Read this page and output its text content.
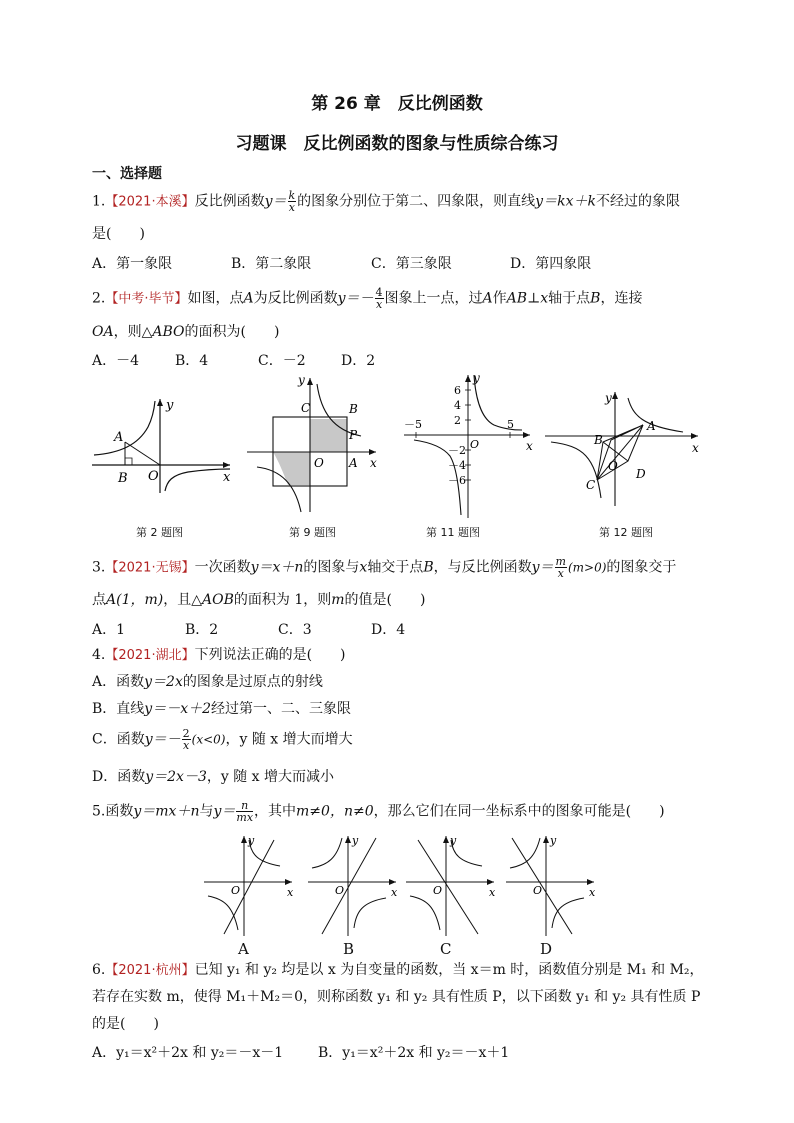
第 26 章　反比例函数
习题课　反比例函数的图象与性质综合练习
一、选择题
1.【2021·本溪】反比例函数$y= \frac{k}{x}$ 的图象分别位于第二、四象限，则直线y＝kx＋k不经过的象限
是(　　)
A．第一象限	B．第二象限	C．第三象限	D．第四象限
2.【中考·毕节】如图，点A为反比例函数$y=- \frac{4}{x}$ 图象上一点，过A作AB⊥x轴于点B，连接
OA，则△ABO的面积为(　　)
A．－4	B．4	C．－2	D．2
A
B O	x
y
第 2 题图
C	B
P
O A x
y
第 9 题图
6
4
2
－2
－4
－6
－5	5
O	x
y
第 11 题图
A
B
C
D
O
x
y
第 12 题图
3.【2021·无锡】一次函数y＝x＋n的图象与x轴交于点B，与反比例函数$y= \frac{m}{x} (m>0)$的图象交于
点A(1，m)，且△AOB的面积为 1，则m的值是(　　)
A．1	B．2	C．3	D．4
4.【2021·湖北】下列说法正确的是(　　)
A．函数y＝2x的图象是过原点的射线
B．直线y＝－x＋2经过第一、二、三象限
C．函数$y=- \frac{2}{x} (x<0)$，y 随 x 增大而增大
D．函数y＝2x－3，y 随 x 增大而减小
5.函数y＝mx＋n与$y= \frac{n}{mx}$ ，其中m≠0，n≠0，那么它们在同一坐标系中的图象可能是(　　)
O	x
y
A
O	x
y
B
O	x
y
C
O	x
y
D
6.【2021·杭州】已知 y₁ 和 y₂ 均是以 x 为自变量的函数，当 x＝m 时，函数值分别是 M₁ 和 M₂，
若存在实数 m，使得 M₁＋M₂＝0，则称函数 y₁ 和 y₂ 具有性质 P，以下函数 y₁ 和 y₂ 具有性质 P
的是(　　)
A．y₁＝x²＋2x 和 y₂＝－x－1 B．y₁＝x²＋2x 和 y₂＝－x＋1
